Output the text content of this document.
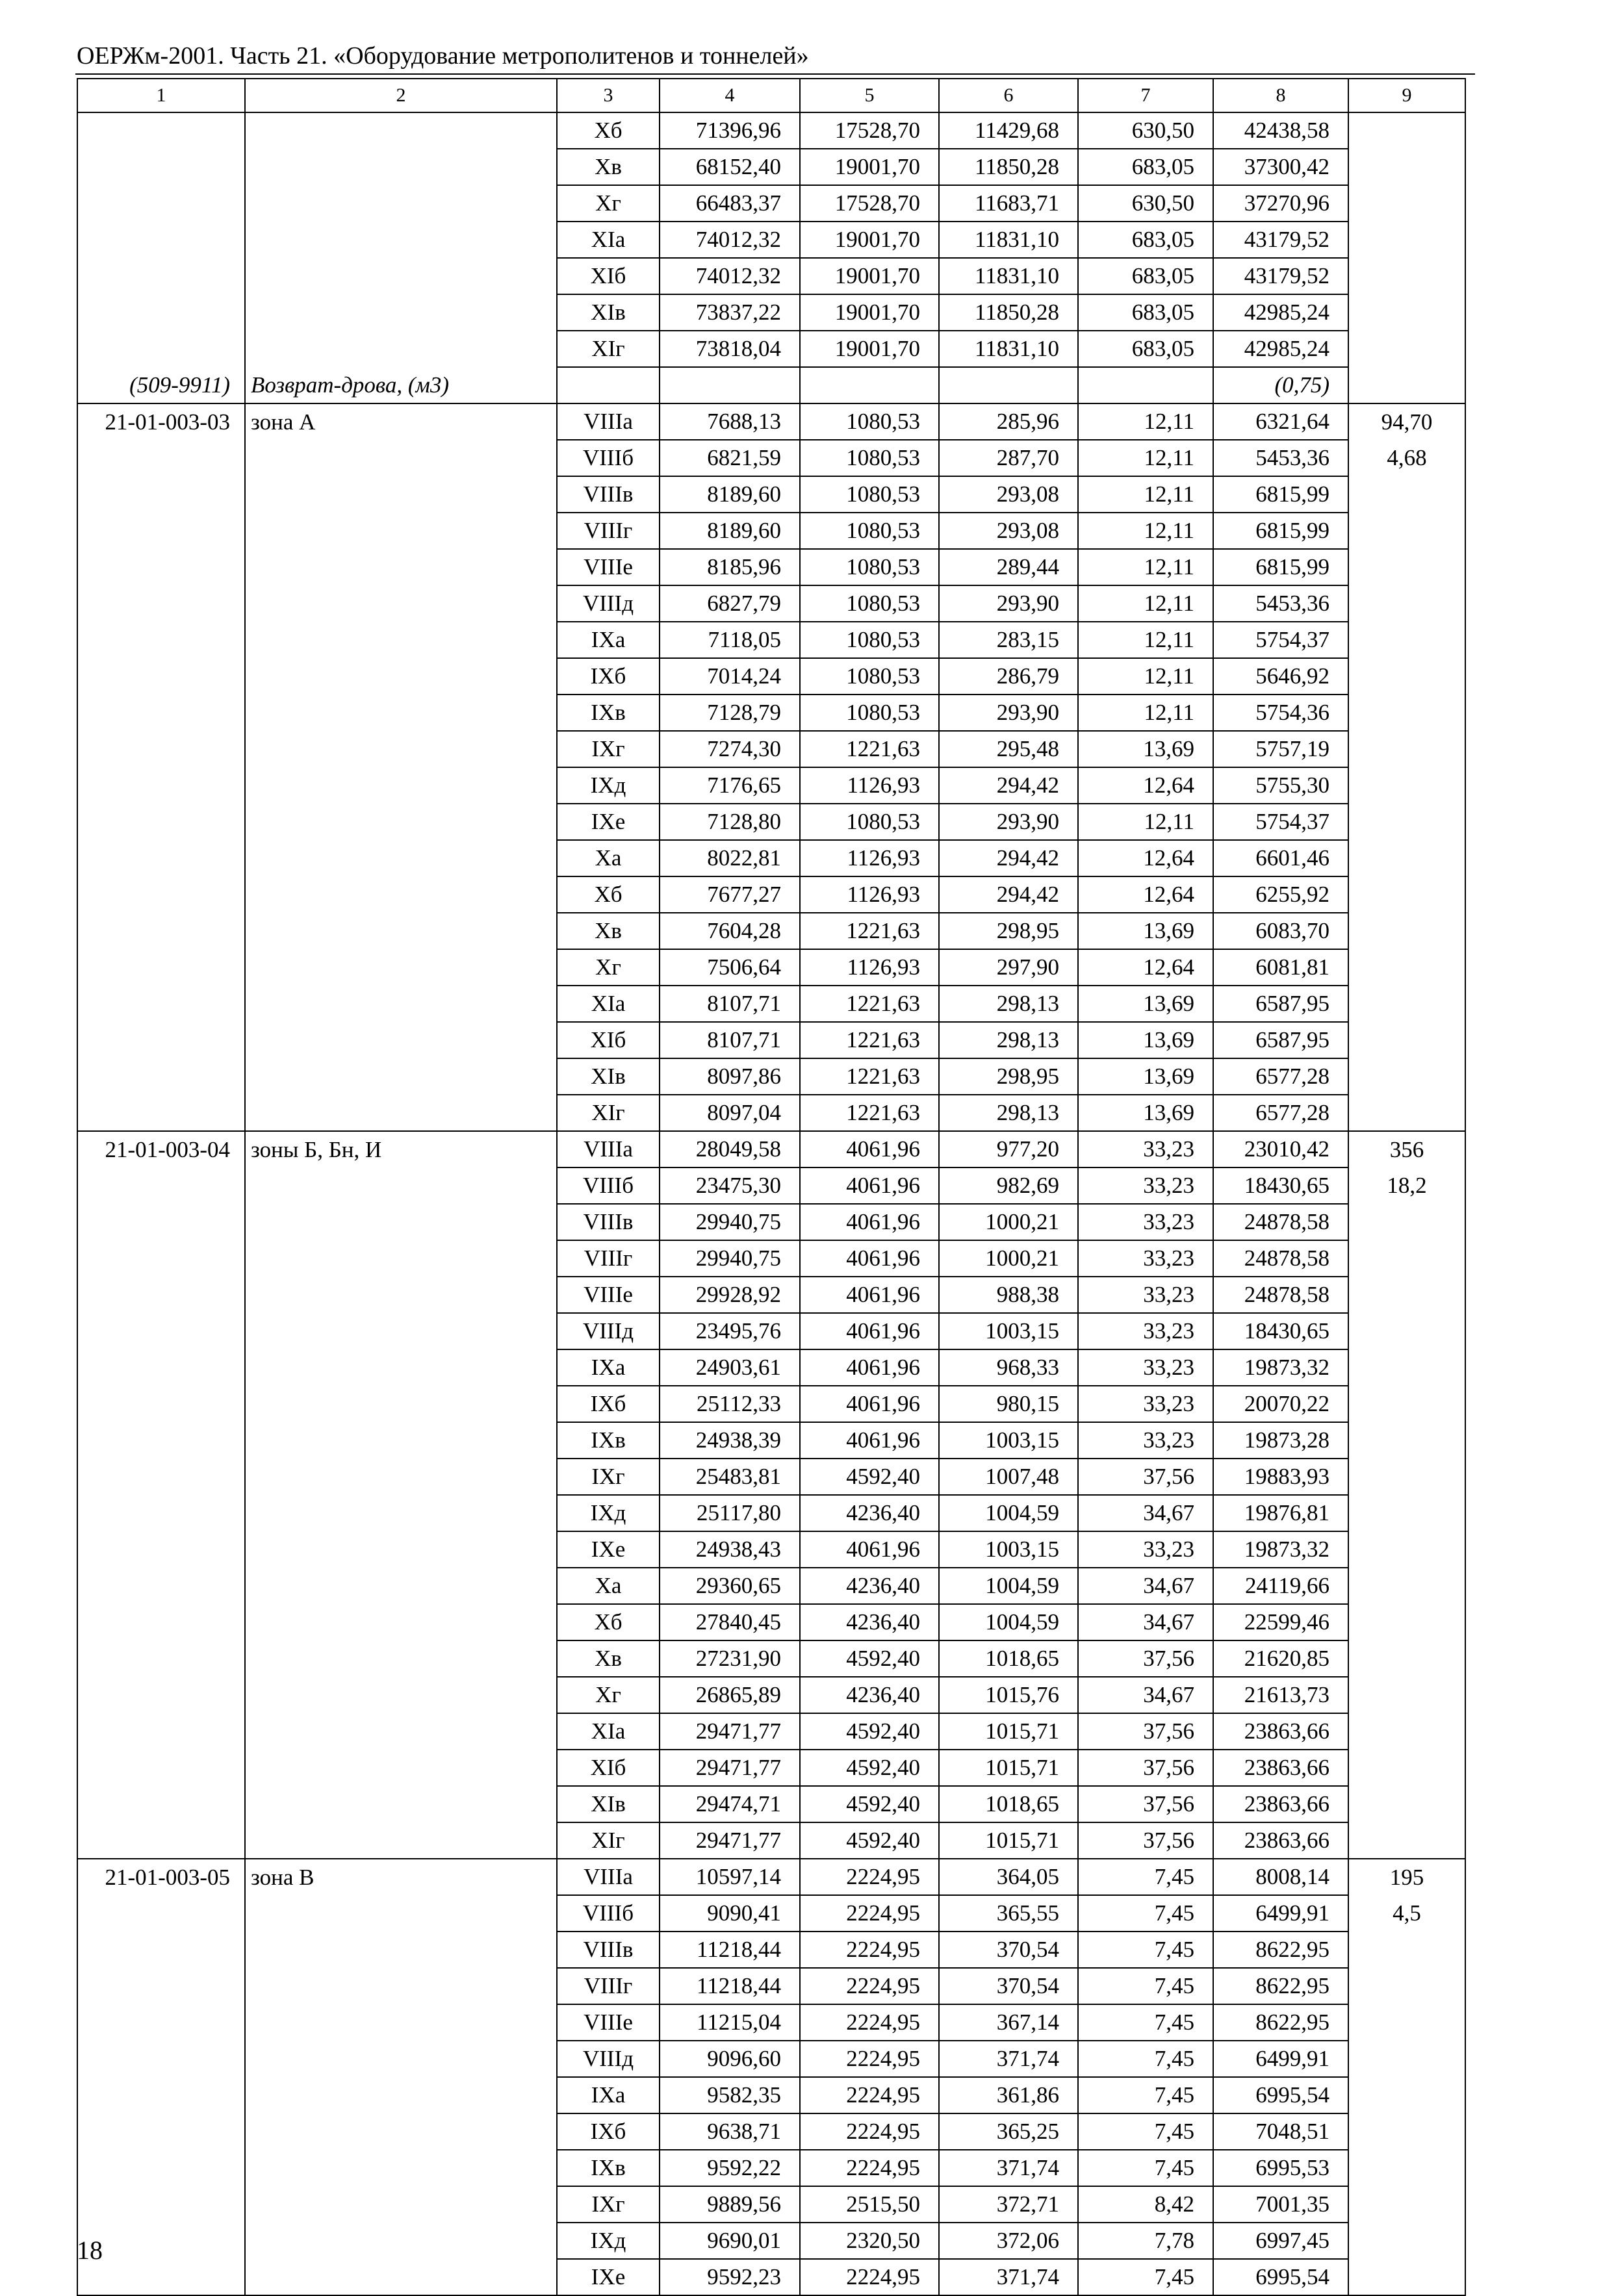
ОЕРЖм-2001. Часть 21. «Оборудование метрополитенов и тоннелей»
1	2	3	4	5	6	7	8	9
		Xб	71396,96	17528,70	11429,68	630,50	42438,58	
		Xв	68152,40	19001,70	11850,28	683,05	37300,42	
		Xг	66483,37	17528,70	11683,71	630,50	37270,96	
		XIа	74012,32	19001,70	11831,10	683,05	43179,52	
		XIб	74012,32	19001,70	11831,10	683,05	43179,52	
		XIв	73837,22	19001,70	11850,28	683,05	42985,24	
		XIг	73818,04	19001,70	11831,10	683,05	42985,24	
(509-9911)	Возврат-дрова, (м3)						(0,75)	
21-01-003-03	зона А	VIIIа	7688,13	1080,53	285,96	12,11	6321,64	94,70
		VIIIб	6821,59	1080,53	287,70	12,11	5453,36	4,68
		VIIIв	8189,60	1080,53	293,08	12,11	6815,99	
		VIIIг	8189,60	1080,53	293,08	12,11	6815,99	
		VIIIе	8185,96	1080,53	289,44	12,11	6815,99	
		VIIIд	6827,79	1080,53	293,90	12,11	5453,36	
		IXа	7118,05	1080,53	283,15	12,11	5754,37	
		IXб	7014,24	1080,53	286,79	12,11	5646,92	
		IXв	7128,79	1080,53	293,90	12,11	5754,36	
		IXг	7274,30	1221,63	295,48	13,69	5757,19	
		IXд	7176,65	1126,93	294,42	12,64	5755,30	
		IXе	7128,80	1080,53	293,90	12,11	5754,37	
		Xа	8022,81	1126,93	294,42	12,64	6601,46	
		Xб	7677,27	1126,93	294,42	12,64	6255,92	
		Xв	7604,28	1221,63	298,95	13,69	6083,70	
		Xг	7506,64	1126,93	297,90	12,64	6081,81	
		XIа	8107,71	1221,63	298,13	13,69	6587,95	
		XIб	8107,71	1221,63	298,13	13,69	6587,95	
		XIв	8097,86	1221,63	298,95	13,69	6577,28	
		XIг	8097,04	1221,63	298,13	13,69	6577,28	
21-01-003-04	зоны Б, Бн, И	VIIIа	28049,58	4061,96	977,20	33,23	23010,42	356
		VIIIб	23475,30	4061,96	982,69	33,23	18430,65	18,2
		VIIIв	29940,75	4061,96	1000,21	33,23	24878,58	
		VIIIг	29940,75	4061,96	1000,21	33,23	24878,58	
		VIIIе	29928,92	4061,96	988,38	33,23	24878,58	
		VIIIд	23495,76	4061,96	1003,15	33,23	18430,65	
		IXа	24903,61	4061,96	968,33	33,23	19873,32	
		IXб	25112,33	4061,96	980,15	33,23	20070,22	
		IXв	24938,39	4061,96	1003,15	33,23	19873,28	
		IXг	25483,81	4592,40	1007,48	37,56	19883,93	
		IXд	25117,80	4236,40	1004,59	34,67	19876,81	
		IXе	24938,43	4061,96	1003,15	33,23	19873,32	
		Xа	29360,65	4236,40	1004,59	34,67	24119,66	
		Xб	27840,45	4236,40	1004,59	34,67	22599,46	
		Xв	27231,90	4592,40	1018,65	37,56	21620,85	
		Xг	26865,89	4236,40	1015,76	34,67	21613,73	
		XIа	29471,77	4592,40	1015,71	37,56	23863,66	
		XIб	29471,77	4592,40	1015,71	37,56	23863,66	
		XIв	29474,71	4592,40	1018,65	37,56	23863,66	
		XIг	29471,77	4592,40	1015,71	37,56	23863,66	
21-01-003-05	зона В	VIIIа	10597,14	2224,95	364,05	7,45	8008,14	195
		VIIIб	9090,41	2224,95	365,55	7,45	6499,91	4,5
		VIIIв	11218,44	2224,95	370,54	7,45	8622,95	
		VIIIг	11218,44	2224,95	370,54	7,45	8622,95	
		VIIIе	11215,04	2224,95	367,14	7,45	8622,95	
		VIIIд	9096,60	2224,95	371,74	7,45	6499,91	
		IXа	9582,35	2224,95	361,86	7,45	6995,54	
		IXб	9638,71	2224,95	365,25	7,45	7048,51	
		IXв	9592,22	2224,95	371,74	7,45	6995,53	
		IXг	9889,56	2515,50	372,71	8,42	7001,35	
		IXд	9690,01	2320,50	372,06	7,78	6997,45	
		IXе	9592,23	2224,95	371,74	7,45	6995,54	
18
